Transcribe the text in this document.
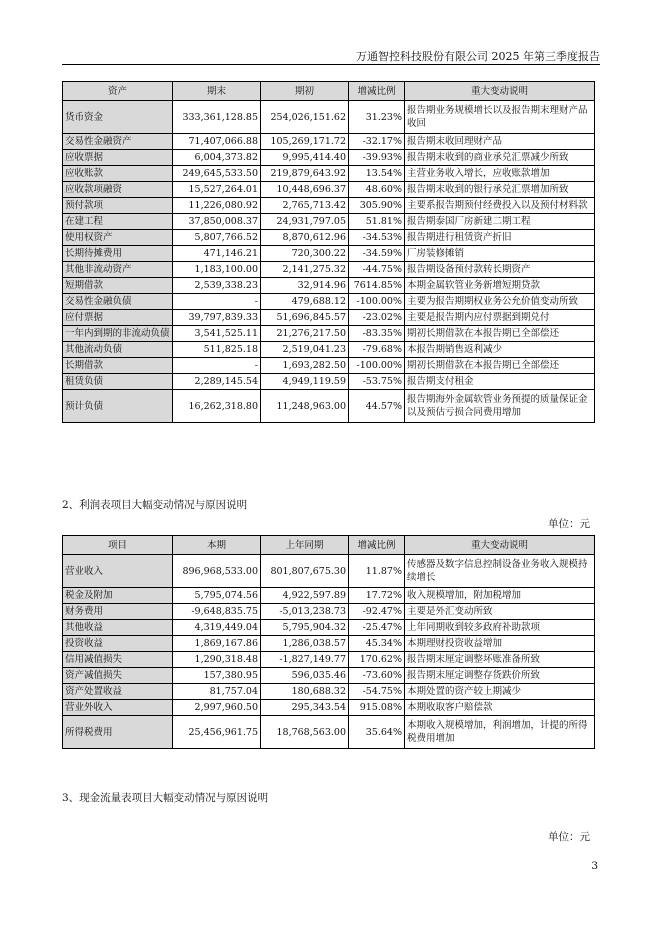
万通智控科技股份有限公司 2025 年第三季度报告
资产	期末	期初	增减比例	重大变动说明
货币资金	333,361,128.85	254,026,151.62	31.23%	报告期业务规模增长以及报告期末理财产品收回
交易性金融资产	71,407,066.88	105,269,171.72	-32.17%	报告期末收回理财产品
应收票据	6,004,373.82	9,995,414.40	-39.93%	报告期末收到的商业承兑汇票减少所致
应收账款	249,645,533.50	219,879,643.92	13.54%	主营业务收入增长，应收账款增加
应收款项融资	15,527,264.01	10,448,696.37	48.60%	报告期末收到的银行承兑汇票增加所致
预付款项	11,226,080.92	2,765,713.42	305.90%	主要系报告期预付经费投入以及预付材料款
在建工程	37,850,008.37	24,931,797.05	51.81%	报告期泰国厂房新建二期工程
使用权资产	5,807,766.52	8,870,612.96	-34.53%	报告期进行租赁资产折旧
长期待摊费用	471,146.21	720,300.22	-34.59%	厂房装修摊销
其他非流动资产	1,183,100.00	2,141,275.32	-44.75%	报告期设备预付款转长期资产
短期借款	2,539,338.23	32,914.96	7614.85%	本期金属软管业务新增短期贷款
交易性金融负债	-	479,688.12	-100.00%	主要为报告期期权业务公允价值变动所致
应付票据	39,797,839.33	51,696,845.57	-23.02%	主要是报告期内应付票据到期兑付
一年内到期的非流动负债	3,541,525.11	21,276,217.50	-83.35%	期初长期借款在本报告期已全部偿还
其他流动负债	511,825.18	2,519,041.23	-79.68%	本报告期销售返利减少
长期借款	-	1,693,282.50	-100.00%	期初长期借款在本报告期已全部偿还
租赁负债	2,289,145.54	4,949,119.59	-53.75%	报告期支付租金
预计负债	16,262,318.80	11,248,963.00	44.57%	报告期海外金属软管业务预提的质量保证金以及预估亏损合同费用增加
2、利润表项目大幅变动情况与原因说明
单位：元
项目	本期	上年同期	增减比例	重大变动说明
营业收入	896,968,533.00	801,807,675.30	11.87%	传感器及数字信息控制设备业务收入规模持续增长
税金及附加	5,795,074.56	4,922,597.89	17.72%	收入规模增加，附加税增加
财务费用	-9,648,835.75	-5,013,238.73	-92.47%	主要是外汇变动所致
其他收益	4,319,449.04	5,795,904.32	-25.47%	上年同期收到较多政府补助款项
投资收益	1,869,167.86	1,286,038.57	45.34%	本期理财投资收益增加
信用减值损失	1,290,318.48	-1,827,149.77	170.62%	报告期末厘定调整坏账准备所致
资产减值损失	157,380.95	596,035.46	-73.60%	报告期末厘定调整存货跌价所致
资产处置收益	81,757.04	180,688.32	-54.75%	本期处置的资产较上期减少
营业外收入	2,997,960.50	295,343.54	915.08%	本期收取客户赔偿款
所得税费用	25,456,961.75	18,768,563.00	35.64%	本期收入规模增加，利润增加，计提的所得税费用增加
3、现金流量表项目大幅变动情况与原因说明
单位：元
3
